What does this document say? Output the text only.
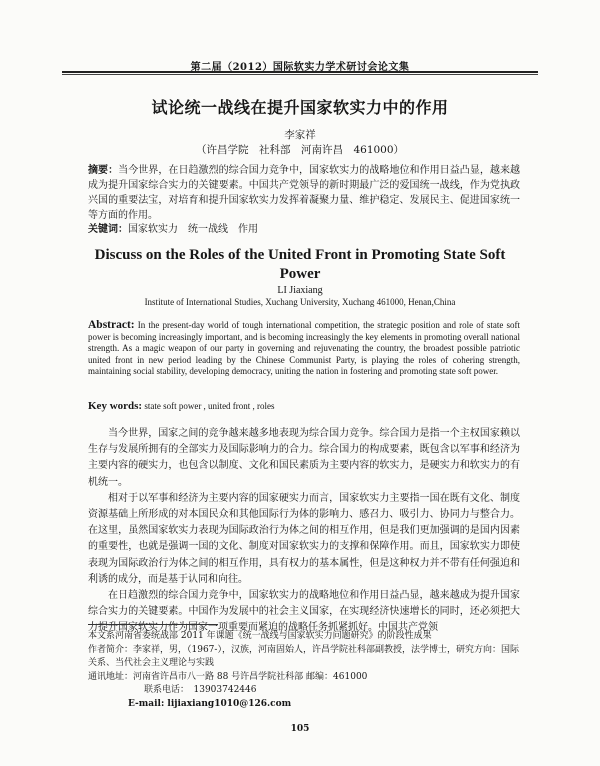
第二届（2012）国际软实力学术研讨会论文集
试论统一战线在提升国家软实力中的作用
李家祥
（许昌学院　社科部　河南许昌　461000）
摘要：当今世界，在日趋激烈的综合国力竞争中，国家软实力的战略地位和作用日益凸显，越来越成为提升国家综合实力的关键要素。中国共产党领导的新时期最广泛的爱国统一战线，作为党执政兴国的重要法宝，对培育和提升国家软实力发挥着凝聚力量、维护稳定、发展民主、促进国家统一等方面的作用。
关键词：国家软实力　统一战线　作用
Discuss on the Roles of the United Front in Promoting State Soft Power
LI Jiaxiang
Institute of International Studies, Xuchang University, Xuchang 461000, Henan,China
Abstract: In the present-day world of tough international competition, the strategic position and role of state soft power is becoming increasingly important, and is becoming increasingly the key elements in promoting overall national strength. As a magic weapon of our party in governing and rejuvenating the country, the broadest possible patriotic united front in new period leading by the Chinese Communist Party, is playing the roles of cohering strength, maintaining social stability, developing democracy, uniting the nation in fostering and promoting state soft power.
Key words: state soft power , united front , roles

当今世界，国家之间的竞争越来越多地表现为综合国力竞争。综合国力是指一个主权国家赖以生存与发展所拥有的全部实力及国际影响力的合力。综合国力的构成要素，既包含以军事和经济为主要内容的硬实力，也包含以制度、文化和国民素质为主要内容的软实力，是硬实力和软实力的有机统一。

相对于以军事和经济为主要内容的国家硬实力而言，国家软实力主要指一国在既有文化、制度资源基础上所形成的对本国民众和其他国际行为体的影响力、感召力、吸引力、协同力与整合力。在这里，虽然国家软实力表现为国际政治行为体之间的相互作用，但是我们更加强调的是国内因素的重要性，也就是强调一国的文化、制度对国家软实力的支撑和保障作用。而且，国家软实力即使表现为国际政治行为体之间的相互作用，具有权力的基本属性，但是这种权力并不带有任何强迫和利诱的成分，而是基于认同和向往。

在日趋激烈的综合国力竞争中，国家软实力的战略地位和作用日益凸显，越来越成为提升国家综合实力的关键要素。中国作为发展中的社会主义国家，在实现经济快速增长的同时，还必须把大力提升国家软实力作为国家一项重要而紧迫的战略任务抓紧抓好。中国共产党领

本文系河南省委统战部 2011 年课题《统一战线与国家软实力问题研究》的阶段性成果
作者简介：李家祥，男，（1967-），汉族，河南固始人，许昌学院社科部副教授，法学博士，研究方向：国际关系、当代社会主义理论与实践
通讯地址：河南省许昌市八一路 88 号许昌学院社科部 邮编：461000
联系电话：　13903742446
E-mail: lijiaxiang1010@126.com
105
